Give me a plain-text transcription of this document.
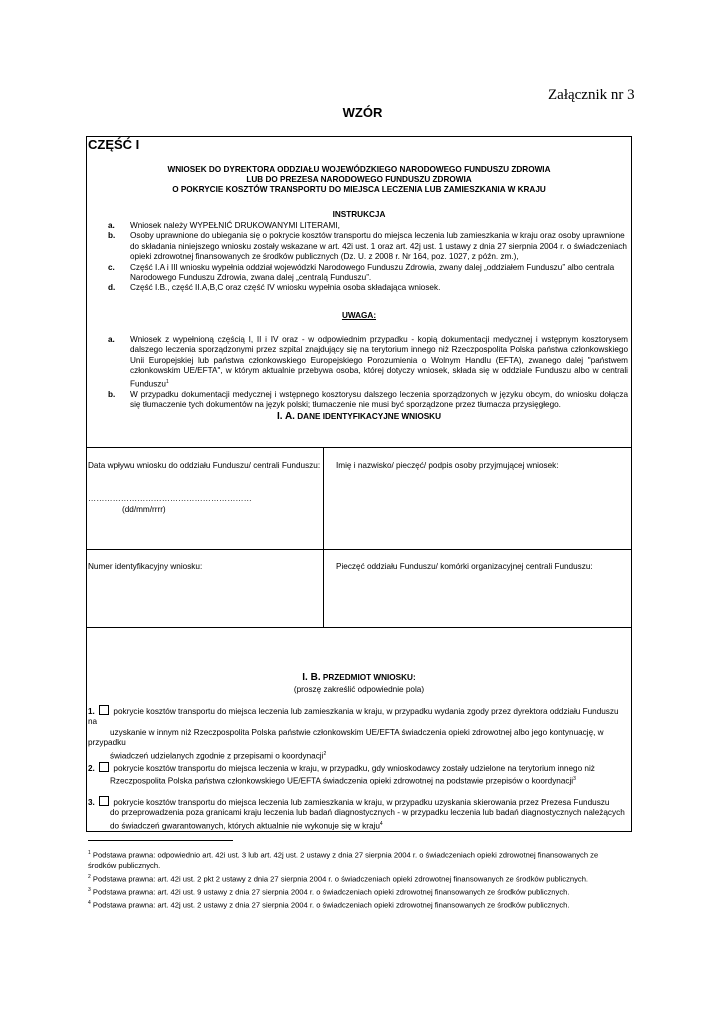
Załącznik nr 3
WZÓR
CZĘŚĆ I
WNIOSEK DO DYREKTORA ODDZIAŁU WOJEWÓDZKIEGO NARODOWEGO FUNDUSZU ZDROWIA
LUB DO PREZESA NARODOWEGO FUNDUSZU ZDROWIA
O POKRYCIE KOSZTÓW TRANSPORTU DO MIEJSCA LECZENIA LUB ZAMIESZKANIA W KRAJU
INSTRUKCJA
a.	Wniosek należy WYPEŁNIĆ DRUKOWANYMI LITERAMI,
b.	Osoby uprawnione do ubiegania się o pokrycie kosztów transportu do miejsca leczenia lub zamieszkania w kraju oraz osoby uprawnione do składania niniejszego wniosku zostały wskazane w art. 42i ust. 1 oraz art. 42j ust. 1 ustawy z dnia 27 sierpnia 2004 r. o świadczeniach opieki zdrowotnej finansowanych ze środków publicznych (Dz. U. z 2008 r. Nr 164, poz. 1027, z późn. zm.),
c.	Część I.A i III wniosku wypełnia oddział wojewódzki Narodowego Funduszu Zdrowia, zwany dalej „oddziałem Funduszu” albo centrala Narodowego Funduszu Zdrowia, zwana dalej „centralą Funduszu”.
d.	Część I.B., część II.A,B,C oraz część IV wniosku wypełnia osoba składająca wniosek.
UWAGA:
a.	Wniosek z wypełnioną częścią I, II i IV oraz - w odpowiednim przypadku - kopią dokumentacji medycznej i wstępnym kosztorysem dalszego leczenia sporządzonymi przez szpital znajdujący się na terytorium innego niż Rzeczpospolita Polska państwa członkowskiego Unii Europejskiej lub państwa członkowskiego Europejskiego Porozumienia o Wolnym Handlu (EFTA), zwanego dalej "państwem członkowskim UE/EFTA", w którym aktualnie przebywa osoba, której dotyczy wniosek, składa się w oddziale Funduszu albo w centrali Funduszu$^1$
b.	W przypadku dokumentacji medycznej i wstępnego kosztorysu dalszego leczenia sporządzonych w języku obcym, do wniosku dołącza się tłumaczenie tych dokumentów na język polski; tłumaczenie nie musi być sporządzone przez tłumacza przysięgłego.
I. A. DANE IDENTYFIKACYJNE WNIOSKU
Data wpływu wniosku do oddziału Funduszu/ centrali Funduszu:
……………………………………………………
(dd/mm/rrrr)
Imię i nazwisko/ pieczęć/ podpis osoby przyjmującej wniosek:
Numer identyfikacyjny wniosku:	Pieczęć oddziału Funduszu/ komórki organizacyjnej centrali Funduszu:
I. B. PRZEDMIOT WNIOSKU:
(proszę zakreślić odpowiednie pola)
1. pokrycie kosztów transportu do miejsca leczenia lub zamieszkania w kraju, w przypadku wydania zgody przez dyrektora oddziału Funduszu na
uzyskanie w innym niż Rzeczpospolita Polska państwie członkowskim UE/EFTA świadczenia opieki zdrowotnej albo jego kontynuację, w
przypadku
świadczeń udzielanych zgodnie z przepisami o koordynacji$^2$
2. pokrycie kosztów transportu do miejsca leczenia w kraju, w przypadku, gdy wnioskodawcy zostały udzielone na terytorium innego niż
Rzeczpospolita Polska państwa członkowskiego UE/EFTA świadczenia opieki zdrowotnej na podstawie przepisów o koordynacji$^3$
3. pokrycie kosztów transportu do miejsca leczenia lub zamieszkania w kraju, w przypadku uzyskania skierowania przez Prezesa Funduszu
do przeprowadzenia poza granicami kraju leczenia lub badań diagnostycznych - w przypadku leczenia lub badań diagnostycznych należących
do świadczeń gwarantowanych, których aktualnie nie wykonuje się w kraju$^4$
$^1$ Podstawa prawna: odpowiednio art. 42i ust. 3 lub art. 42j ust. 2 ustawy z dnia 27 sierpnia 2004 r. o świadczeniach opieki zdrowotnej finansowanych ze środków publicznych.
$^2$ Podstawa prawna: art. 42i ust. 2 pkt 2 ustawy z dnia 27 sierpnia 2004 r. o świadczeniach opieki zdrowotnej finansowanych ze środków publicznych.
$^3$ Podstawa prawna: art. 42i ust. 9 ustawy z dnia 27 sierpnia 2004 r. o świadczeniach opieki zdrowotnej finansowanych ze środków publicznych.
$^4$ Podstawa prawna: art. 42j ust. 2 ustawy z dnia 27 sierpnia 2004 r. o świadczeniach opieki zdrowotnej finansowanych ze środków publicznych.
